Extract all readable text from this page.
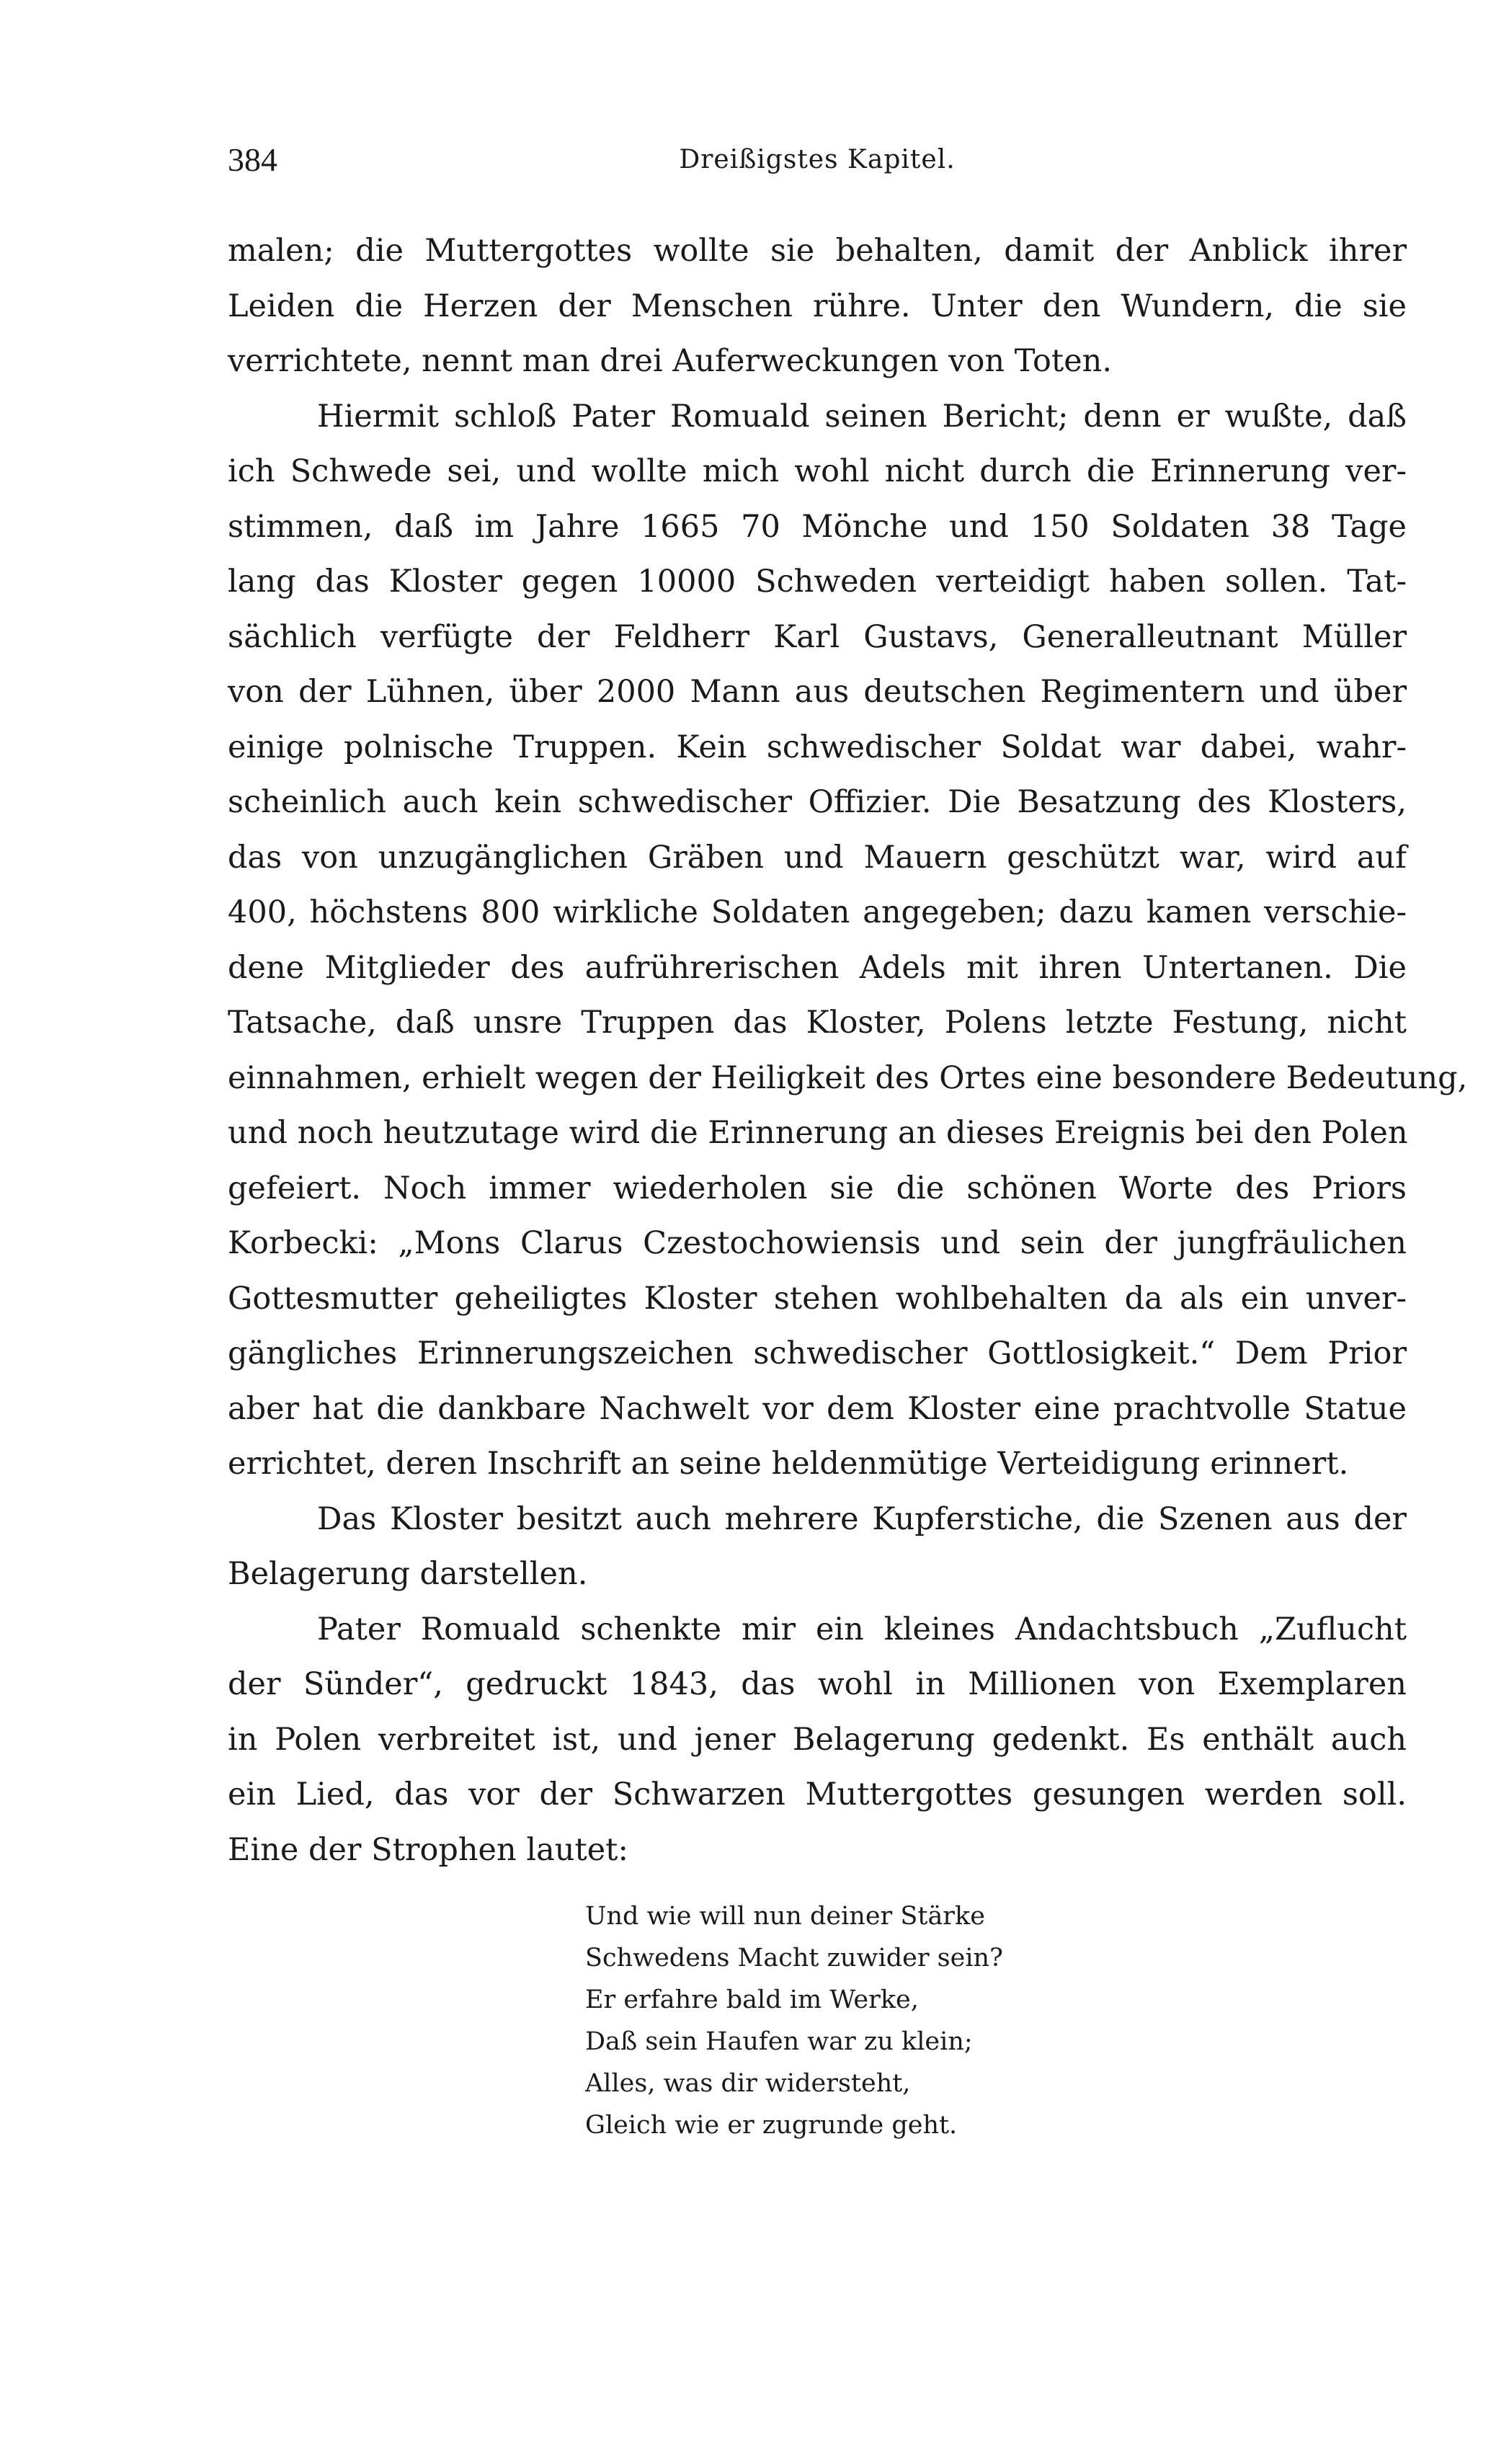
384	Dreißigstes Kapitel.

malen; die Muttergottes wollte sie behalten, damit der Anblick ihrer
Leiden die Herzen der Menschen rühre. Unter den Wundern, die sie
verrichtete, nennt man drei Auferweckungen von Toten.

Hiermit schloß Pater Romuald seinen Bericht; denn er wußte, daß
ich Schwede sei, und wollte mich wohl nicht durch die Erinnerung ver-
stimmen, daß im Jahre 1665 70 Mönche und 150 Soldaten 38 Tage
lang das Kloster gegen 10000 Schweden verteidigt haben sollen. Tat-
sächlich verfügte der Feldherr Karl Gustavs, Generalleutnant Müller
von der Lühnen, über 2000 Mann aus deutschen Regimentern und über
einige polnische Truppen. Kein schwedischer Soldat war dabei, wahr-
scheinlich auch kein schwedischer Offizier. Die Besatzung des Klosters,
das von unzugänglichen Gräben und Mauern geschützt war, wird auf
400, höchstens 800 wirkliche Soldaten angegeben; dazu kamen verschie-
dene Mitglieder des aufrührerischen Adels mit ihren Untertanen. Die
Tatsache, daß unsre Truppen das Kloster, Polens letzte Festung, nicht
einnahmen, erhielt wegen der Heiligkeit des Ortes eine besondere Bedeutung,
und noch heutzutage wird die Erinnerung an dieses Ereignis bei den Polen
gefeiert. Noch immer wiederholen sie die schönen Worte des Priors
Korbecki: „Mons Clarus Czestochowiensis und sein der jungfräulichen
Gottesmutter geheiligtes Kloster stehen wohlbehalten da als ein unver-
gängliches Erinnerungszeichen schwedischer Gottlosigkeit.“ Dem Prior
aber hat die dankbare Nachwelt vor dem Kloster eine prachtvolle Statue
errichtet, deren Inschrift an seine heldenmütige Verteidigung erinnert.

Das Kloster besitzt auch mehrere Kupferstiche, die Szenen aus der
Belagerung darstellen.

Pater Romuald schenkte mir ein kleines Andachtsbuch „Zuflucht
der Sünder“, gedruckt 1843, das wohl in Millionen von Exemplaren
in Polen verbreitet ist, und jener Belagerung gedenkt. Es enthält auch
ein Lied, das vor der Schwarzen Muttergottes gesungen werden soll.
Eine der Strophen lautet:

Und wie will nun deiner Stärke
Schwedens Macht zuwider sein?
Er erfahre bald im Werke,
Daß sein Haufen war zu klein;
Alles, was dir widersteht,
Gleich wie er zugrunde geht.
